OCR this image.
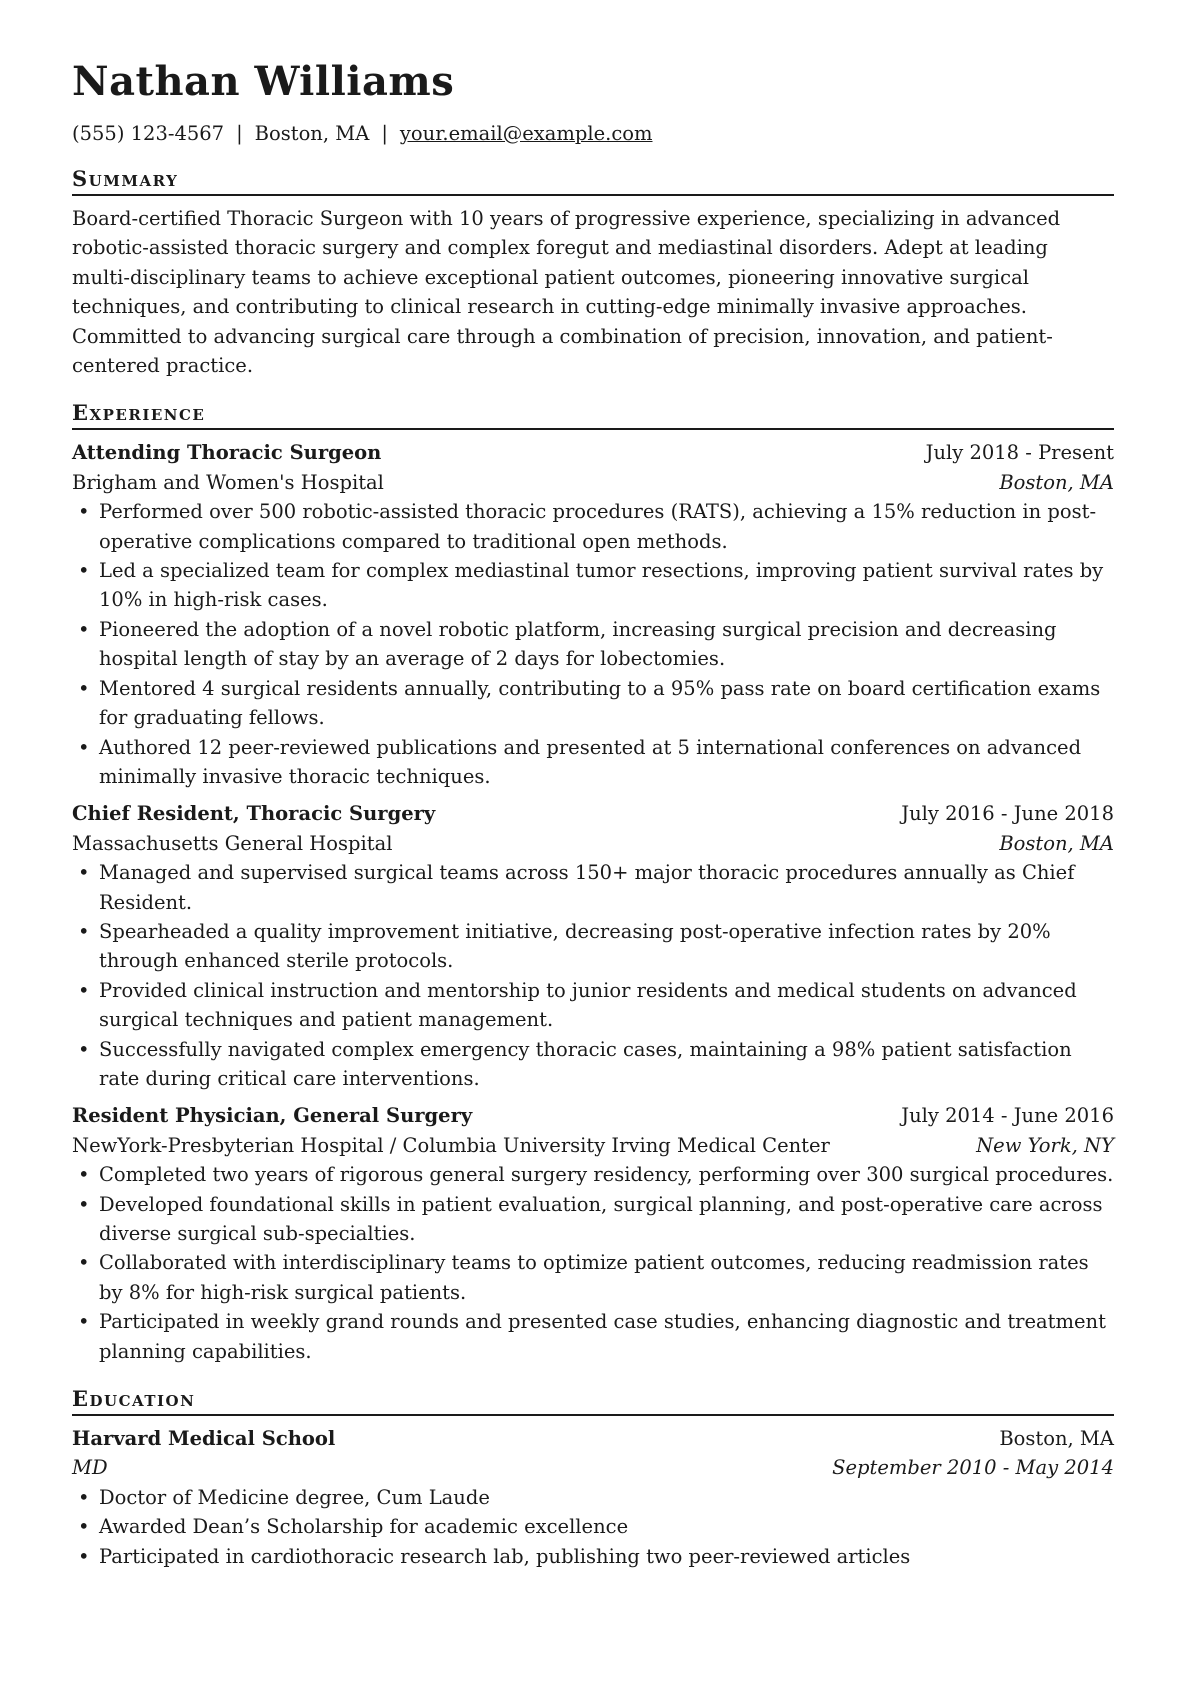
Nathan Williams
(555) 123-4567 | Boston, MA | your.email@example.com
Summary
Board-certified Thoracic Surgeon with 10 years of progressive experience, specializing in advanced robotic-assisted thoracic surgery and complex foregut and mediastinal disorders. Adept at leading multi-disciplinary teams to achieve exceptional patient outcomes, pioneering innovative surgical techniques, and contributing to clinical research in cutting-edge minimally invasive approaches. Committed to advancing surgical care through a combination of precision, innovation, and patient-centered practice.
Experience
Attending Thoracic Surgeon	July 2018 - Present
Brigham and Women's Hospital	Boston, MA
• Performed over 500 robotic-assisted thoracic procedures (RATS), achieving a 15% reduction in post-operative complications compared to traditional open methods.
• Led a specialized team for complex mediastinal tumor resections, improving patient survival rates by 10% in high-risk cases.
• Pioneered the adoption of a novel robotic platform, increasing surgical precision and decreasing hospital length of stay by an average of 2 days for lobectomies.
• Mentored 4 surgical residents annually, contributing to a 95% pass rate on board certification exams for graduating fellows.
• Authored 12 peer-reviewed publications and presented at 5 international conferences on advanced minimally invasive thoracic techniques.
Chief Resident, Thoracic Surgery	July 2016 - June 2018
Massachusetts General Hospital	Boston, MA
• Managed and supervised surgical teams across 150+ major thoracic procedures annually as Chief Resident.
• Spearheaded a quality improvement initiative, decreasing post-operative infection rates by 20% through enhanced sterile protocols.
• Provided clinical instruction and mentorship to junior residents and medical students on advanced surgical techniques and patient management.
• Successfully navigated complex emergency thoracic cases, maintaining a 98% patient satisfaction rate during critical care interventions.
Resident Physician, General Surgery	July 2014 - June 2016
NewYork-Presbyterian Hospital / Columbia University Irving Medical Center	New York, NY
• Completed two years of rigorous general surgery residency, performing over 300 surgical procedures.
• Developed foundational skills in patient evaluation, surgical planning, and post-operative care across diverse surgical sub-specialties.
• Collaborated with interdisciplinary teams to optimize patient outcomes, reducing readmission rates by 8% for high-risk surgical patients.
• Participated in weekly grand rounds and presented case studies, enhancing diagnostic and treatment planning capabilities.
Education
Harvard Medical School	Boston, MA
MD	September 2010 - May 2014
• Doctor of Medicine degree, Cum Laude
• Awarded Dean’s Scholarship for academic excellence
• Participated in cardiothoracic research lab, publishing two peer-reviewed articles
